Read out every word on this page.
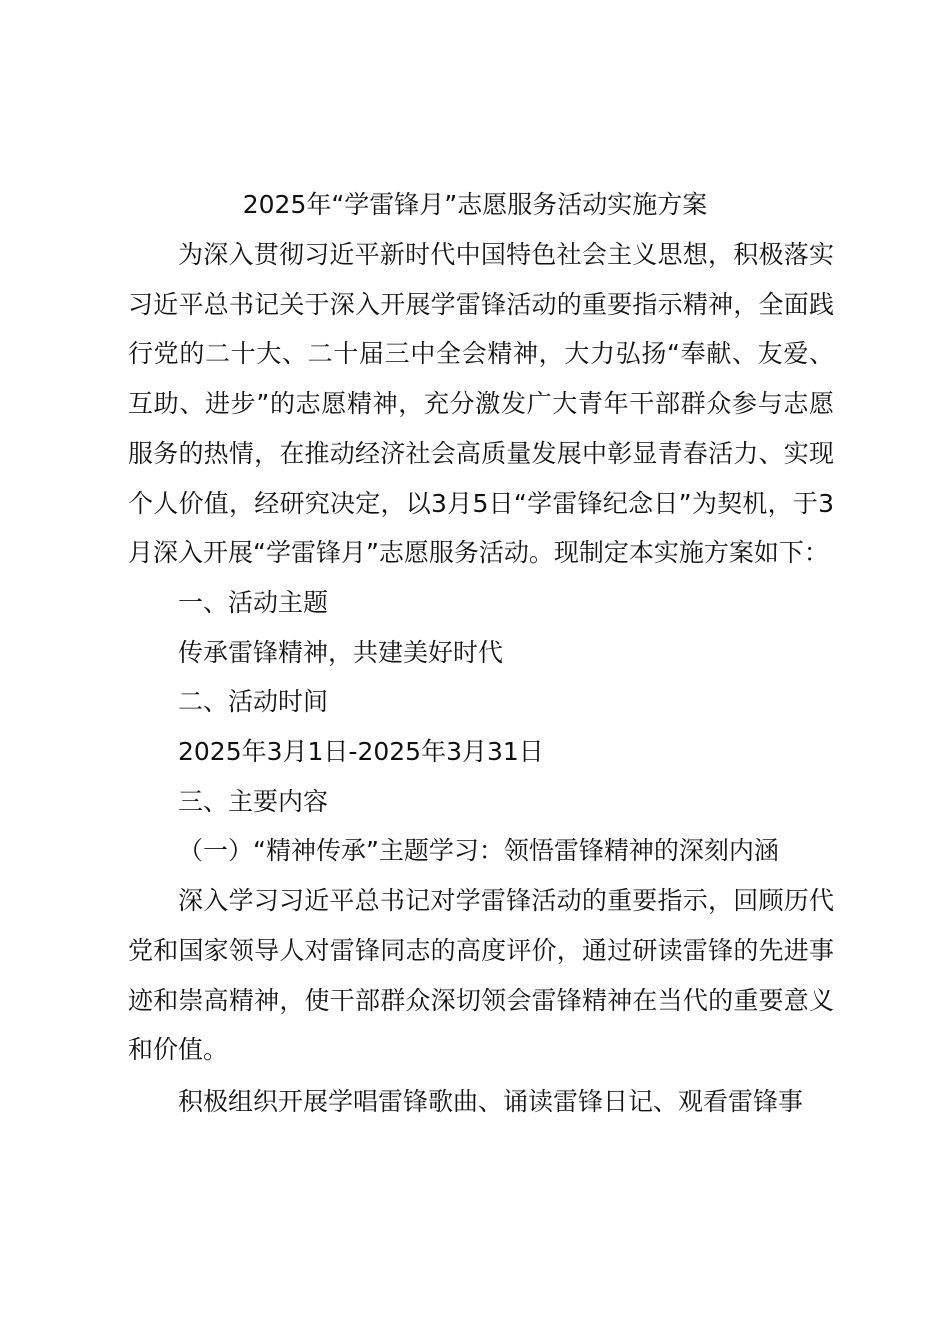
2025年“学雷锋月”志愿服务活动实施方案

为深入贯彻习近平新时代中国特色社会主义思想，积极落实习近平总书记关于深入开展学雷锋活动的重要指示精神，全面践行党的二十大、二十届三中全会精神，大力弘扬“奉献、友爱、互助、进步”的志愿精神，充分激发广大青年干部群众参与志愿服务的热情，在推动经济社会高质量发展中彰显青春活力、实现个人价值，经研究决定，以3月5日“学雷锋纪念日”为契机，于3月深入开展“学雷锋月”志愿服务活动。现制定本实施方案如下：

一、活动主题

传承雷锋精神，共建美好时代

二、活动时间

2025年3月1日-2025年3月31日

三、主要内容

（一）“精神传承”主题学习：领悟雷锋精神的深刻内涵

深入学习习近平总书记对学雷锋活动的重要指示，回顾历代党和国家领导人对雷锋同志的高度评价，通过研读雷锋的先进事迹和崇高精神，使干部群众深切领会雷锋精神在当代的重要意义和价值。

积极组织开展学唱雷锋歌曲、诵读雷锋日记、观看雷锋事
